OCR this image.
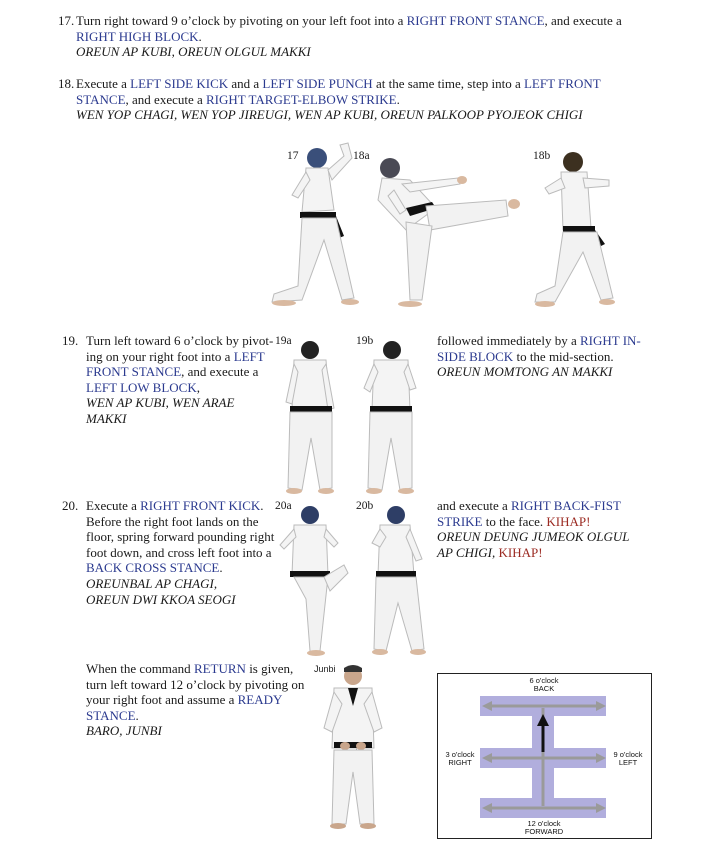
17. Turn right toward 9 o’clock by pivoting on your left foot into a RIGHT FRONT STANCE, and execute a
RIGHT HIGH BLOCK.
OREUN AP KUBI, OREUN OLGUL MAKKI
18. Execute a LEFT SIDE KICK and a LEFT SIDE PUNCH at the same time, step into a LEFT FRONT
STANCE, and execute a RIGHT TARGET-ELBOW STRIKE.
WEN YOP CHAGI, WEN YOP JIREUGI, WEN AP KUBI, OREUN PALKOOP PYOJEOK CHIGI
17	18a	18b
19. Turn left toward 6 o’clock by pivot-
ing on your right foot into a LEFT
FRONT STANCE, and execute a
LEFT LOW BLOCK,
WEN AP KUBI, WEN ARAE
MAKKI
19a	19b	followed immediately by a RIGHT IN-
SIDE BLOCK to the mid-section.
OREUN MOMTONG AN MAKKI
20. Execute a RIGHT FRONT KICK.
Before the right foot lands on the
floor, spring forward pounding right
foot down, and cross left foot into a
BACK CROSS STANCE.
OREUNBAL AP CHAGI,
OREUN DWI KKOA SEOGI
20a	20b	and execute a RIGHT BACK-FIST
STRIKE to the face. KIHAP!
OREUN DEUNG JUMEOK OLGUL
AP CHIGI, KIHAP!
When the command RETURN is given,
turn left toward 12 o’clock by pivoting on
your right foot and assume a READY
STANCE.
BARO, JUNBI
Junbi
6 o'clock
BACK
3 o'clock
RIGHT
9 o'clock
LEFT
12 o'clock
FORWARD
